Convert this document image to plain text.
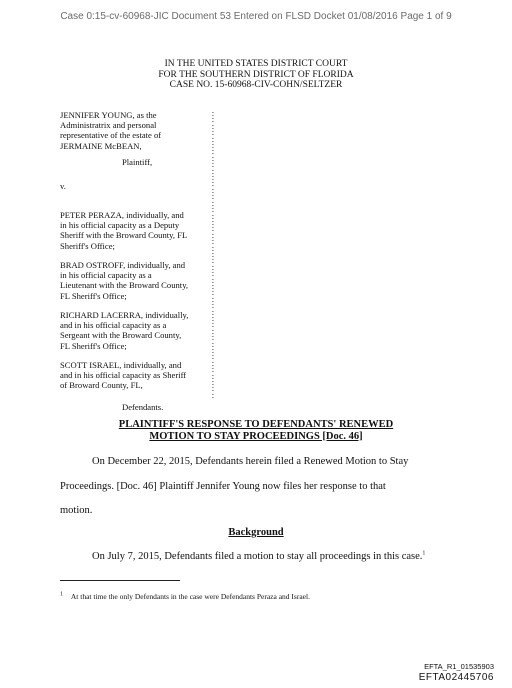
Case 0:15-cv-60968-JIC Document 53 Entered on FLSD Docket 01/08/2016 Page 1 of 9
IN THE UNITED STATES DISTRICT COURT
FOR THE SOUTHERN DISTRICT OF FLORIDA
CASE NO. 15-60968-CIV-COHN/SELTZER
JENNIFER YOUNG, as the
Administratrix and personal
representative of the estate of
JERMAINE McBEAN,
Plaintiff,
v.
PETER PERAZA, individually, and
in his official capacity as a Deputy
Sheriff with the Broward County, FL
Sheriff's Office;
BRAD OSTROFF, individually, and
in his official capacity as a
Lieutenant with the Broward County,
FL Sheriff's Office;
RICHARD LACERRA, individually,
and in his official capacity as a
Sergeant with the Broward County,
FL Sheriff's Office;
SCOTT ISRAEL, individually, and
and in his official capacity as Sheriff
of Broward County, FL,
Defendants.
:
:
:
:
:
:
:
:
:
:
:
:
:
:
:
:
:
:
:
:
:
:
:
:
:
:
:
:
:
:
:
:
:
:
:
:
:
:
:
:
:
:
:
:
:
PLAINTIFF'S RESPONSE TO DEFENDANTS' RENEWED
MOTION TO STAY PROCEEDINGS [Doc. 46]
On December 22, 2015, Defendants herein filed a Renewed Motion to Stay
Proceedings. [Doc. 46] Plaintiff Jennifer Young now files her response to that
motion.
Background
On July 7, 2015, Defendants filed a motion to stay all proceedings in this case.$^1$
$^1$ At that time the only Defendants in the case were Defendants Peraza and Israel.
EFTA_R1_01535903
EFTA02445706
